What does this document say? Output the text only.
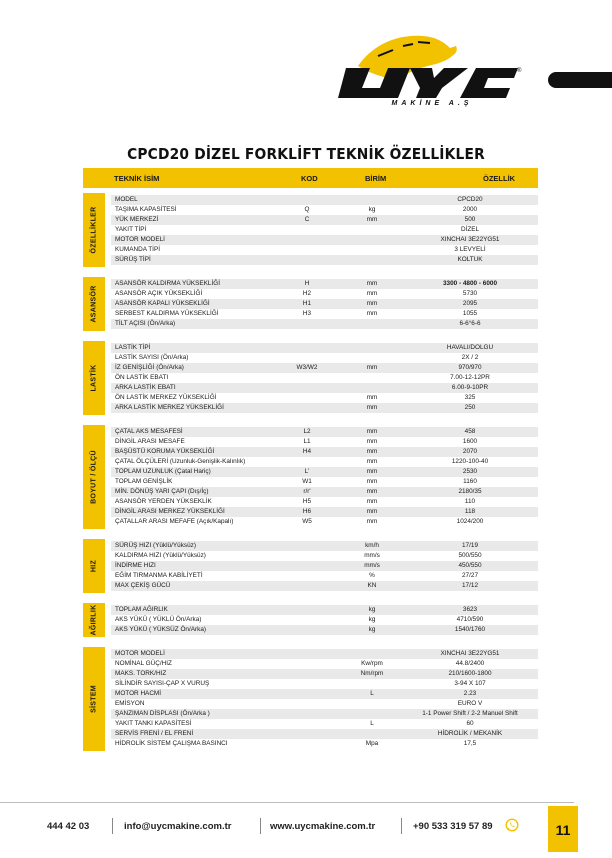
®
MAKİNE A.Ş
CPCD20 DİZEL FORKLİFT TEKNİK ÖZELLİKLER
TEKNİK İSİM	KOD	BİRİM	ÖZELLİK
ÖZELLİKLER
MODEL	CPCD20
TAŞIMA KAPASİTESİ	Q	kg	2000
YÜK MERKEZİ	C	mm	500
YAKIT TİPİ	DİZEL
MOTOR MODELİ	XINCHAI 3E22YG51
KUMANDA TİPİ	3 LEVYELİ
SÜRÜŞ TİPİ	KOLTUK
ASANSÖR
ASANSÖR KALDIRMA YÜKSEKLİĞİ	H	mm	3300 - 4800 - 6000
ASANSÖR AÇIK YÜKSEKLİĞİ	H2	mm	5730
ASANSÖR KAPALI YÜKSEKLİĞİ	H1	mm	2095
SERBEST KALDIRMA YÜKSEKLİĞİ	H3	mm	1055
TİLT AÇISI (Ön/Arka)	6-6°6-6
LASTİK
LASTİK TİPİ	HAVALI/DOLGU
LASTİK SAYISI (Ön/Arka)	2X / 2
İZ GENİŞLİĞİ (Ön/Arka)	W3/W2	mm	970/970
ÖN LASTİK EBATI	7.00-12-12PR
ARKA LASTİK EBATI	6.00-9-10PR
ÖN LASTİK MERKEZ YÜKSEKLİĞİ	mm	325
ARKA LASTİK MERKEZ YÜKSEKLİĞİ	mm	250
BOYUT / ÖLÇÜ
ÇATAL AKS MESAFESİ	L2	mm	458
DİNGİL ARASI MESAFE	L1	mm	1600
BAŞÜSTÜ KORUMA YÜKSEKLİĞİ	H4	mm	2070
ÇATAL ÖLÇÜLERİ (Uzunluk-Genişlik-Kalınlık)	mm	1220-100-40
TOPLAM UZUNLUK (Çatal Hariç)	L'	mm	2530
TOPLAM GENİŞLİK	W1	mm	1160
MİN. DÖNÜŞ YARI ÇAPI (Dış/İç)	r/r'	mm	2180/35
ASANSÖR YERDEN YÜKSEKLİK	H5	mm	110
DİNGİL ARASI MERKEZ YÜKSEKLİĞİ	H6	mm	118
ÇATALLAR ARASI MEFAFE (Açık/Kapalı)	W5	mm	1024/200
HIZ
SÜRÜŞ HIZI (Yüklü/Yüksüz)	km/h	17/19
KALDIRMA HIZI (Yüklü/Yüksüz)	mm/s	500/550
İNDİRME HIZI	mm/s	450/550
EĞİM TIRMANMA KABİLİYETİ	%	27/27
MAX ÇEKİŞ GÜCÜ	KN	17/12
AĞIRLIK	TOPLAM AĞIRLIK	kg	3623
AKS YÜKÜ ( YÜKLÜ Ön/Arka)	kg	4710/590
AKS YÜKÜ ( YÜKSÜZ Ön/Arka)	kg	1540/1760
SİSTEM
MOTOR MODELİ	XINCHAI 3E22YG51
NOMİNAL GÜÇ/HIZ	Kw/rpm	44.8/2400
MAKS. TORK/HIZ	Nm/rpm	210/1600-1800
SİLİNDİR SAYISI-ÇAP X VURUŞ	3-94 X 107
MOTOR HACMİ	L	2.23
EMİSYON	EURO V
ŞANZIMAN DİSPLASI (Ön/Arka )	1-1 Power Shift / 2-2 Manuel Shift
YAKIT TANKI KAPASİTESİ	L	60
SERVİS FRENİ / EL FRENİ	HİDROLİK / MEKANİK
HİDROLİK SİSTEM ÇALIŞMA BASINCI	Mpa	17,5
444 42 03	info@uycmakine.com.tr	www.uycmakine.com.tr	+90 533 319 57 89	11
